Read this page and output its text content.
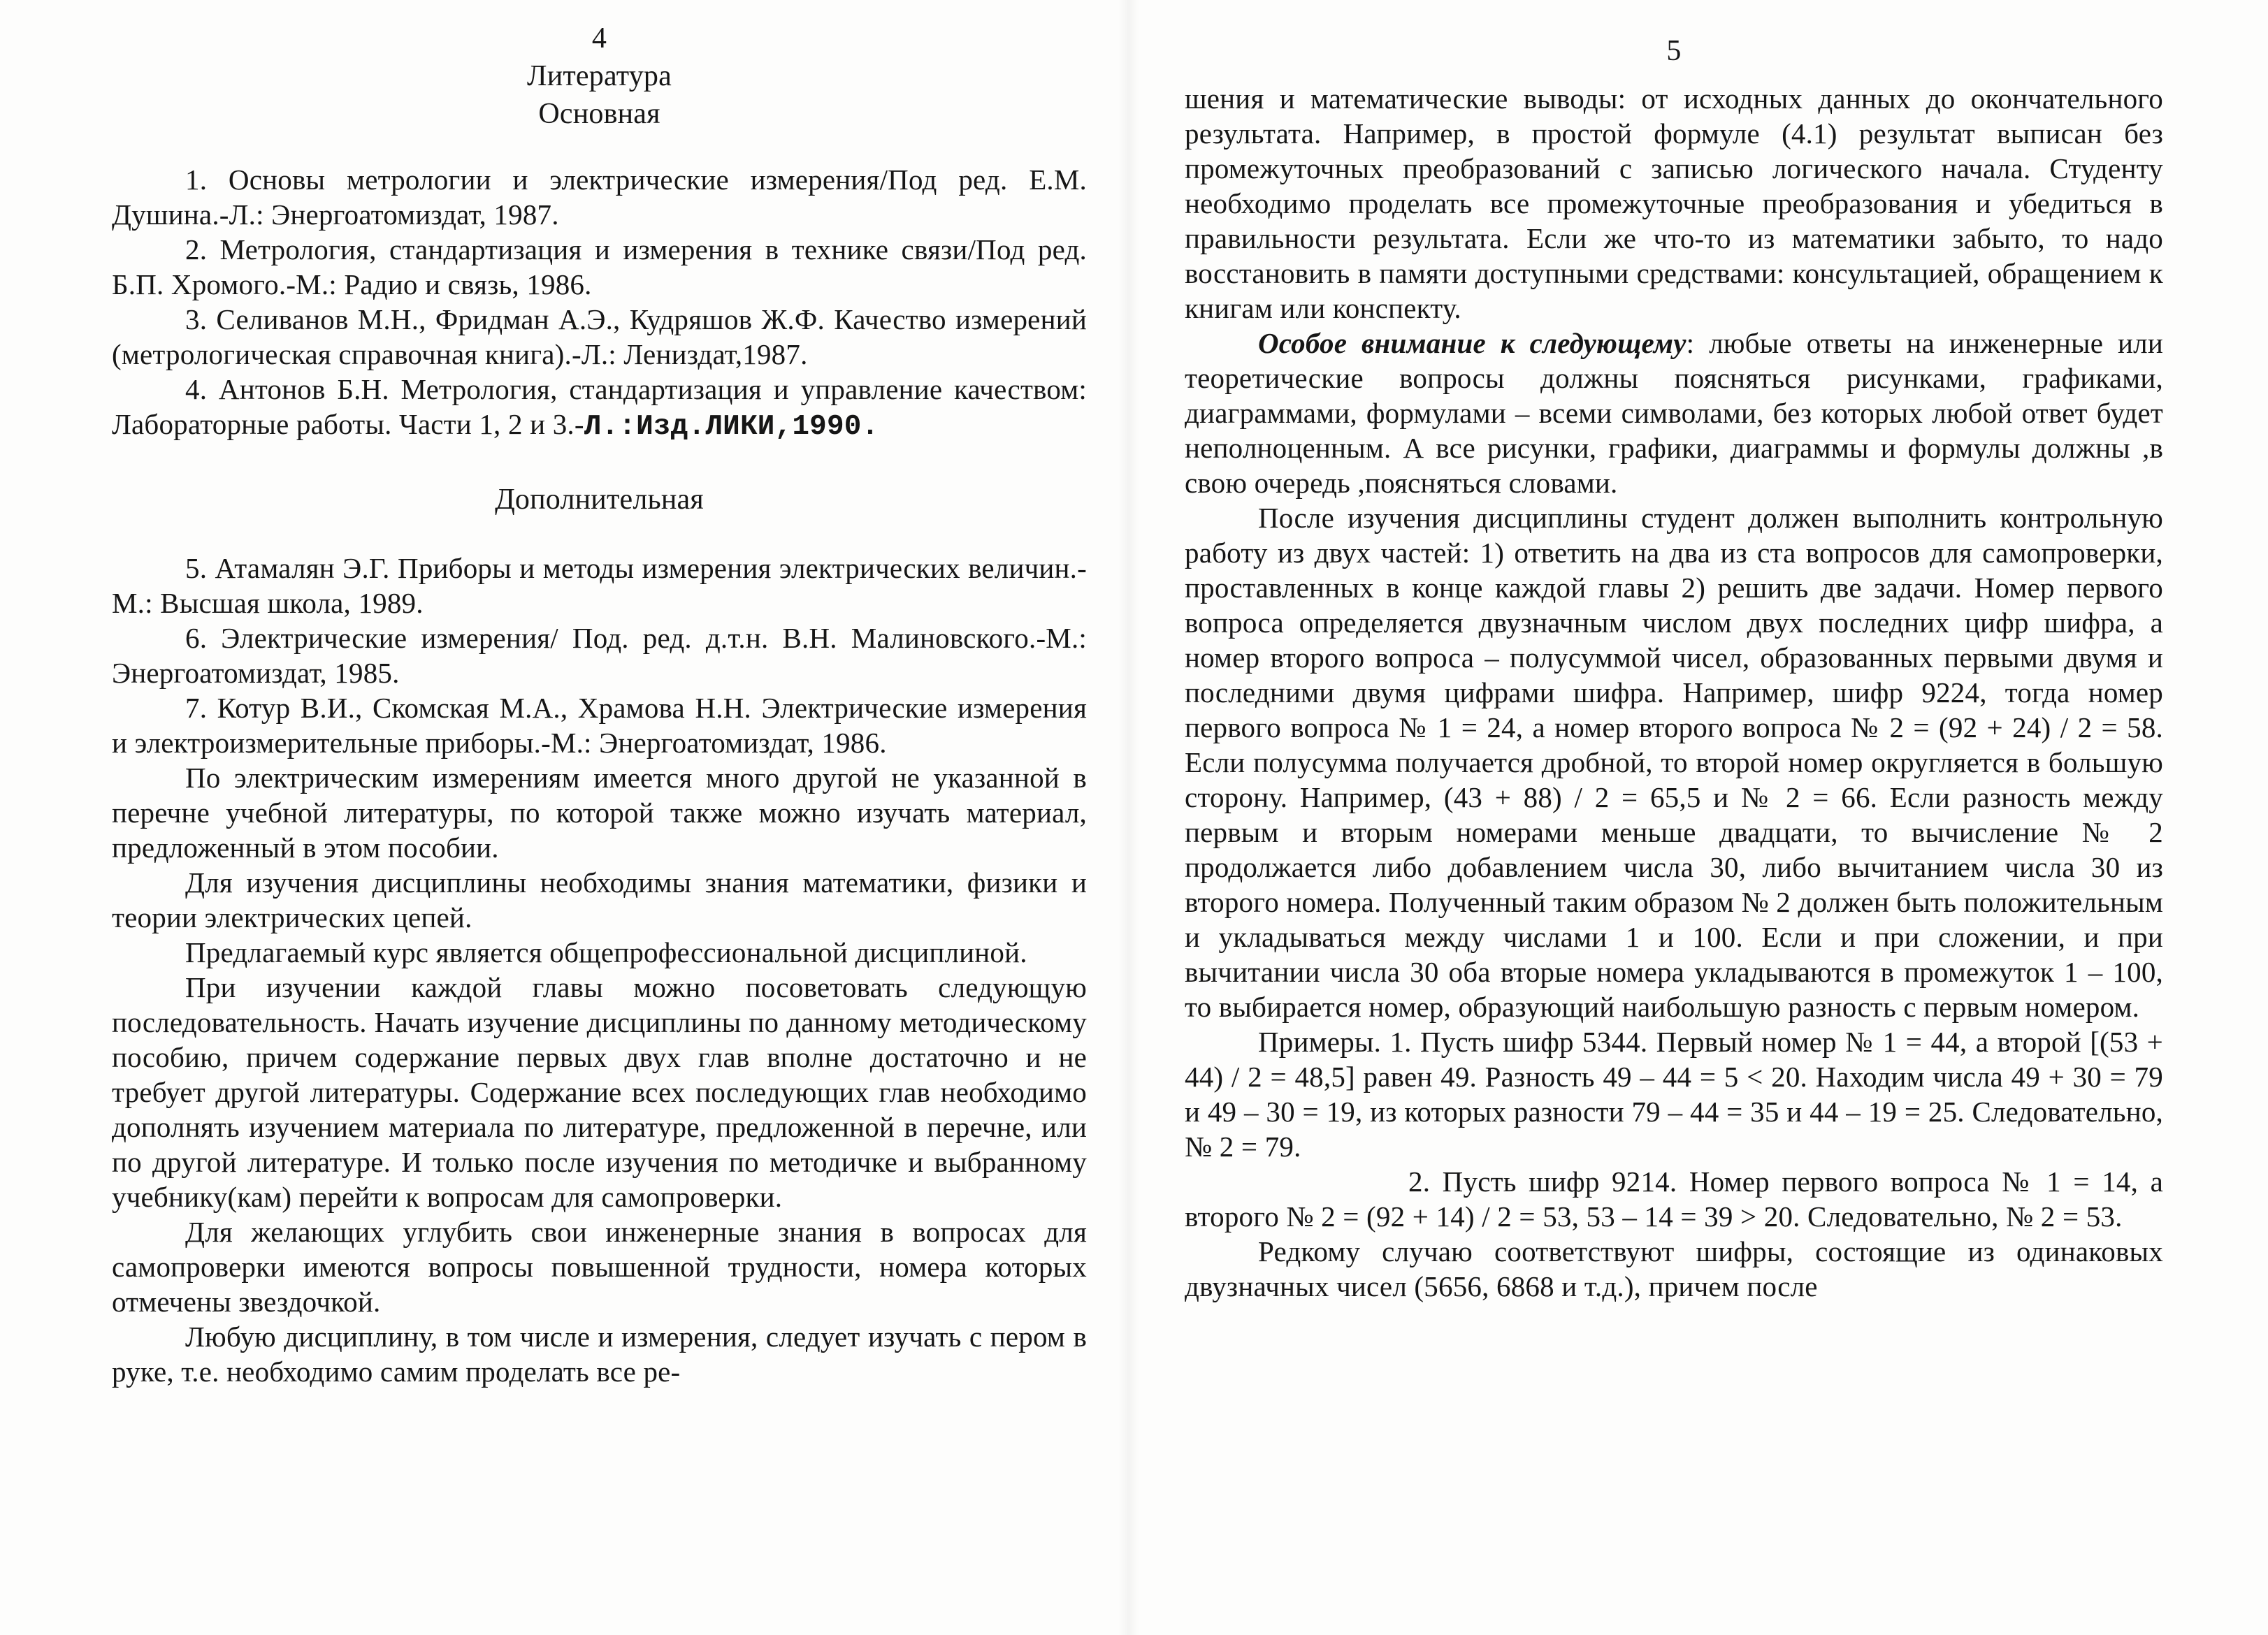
4
Литература
Основная
1. Основы метрологии и электрические измерения/Под ред. Е.М. Душина.-Л.: Энергоатомиздат, 1987.
2. Метрология, стандартизация и измерения в технике связи/Под ред. Б.П. Хромого.-М.: Радио и связь, 1986.
3. Селиванов М.Н., Фридман А.Э., Кудряшов Ж.Ф. Качество измерений (метрологическая справочная книга).-Л.: Лениздат,1987.
4. Антонов Б.Н. Метрология, стандартизация и управление качеством: Лабораторные работы. Части 1, 2 и 3.-Л.:Изд.ЛИКИ,1990.
Дополнительная
5. Атамалян Э.Г. Приборы и методы измерения электрических величин.-М.: Высшая школа, 1989.
6. Электрические измерения/ Под. ред. д.т.н. В.Н. Малиновского.-М.: Энергоатомиздат, 1985.
7. Котур В.И., Скомская М.А., Храмова Н.Н. Электрические измерения и электроизмерительные приборы.-М.: Энергоатомиздат, 1986.

По электрическим измерениям имеется много другой не указанной в перечне учебной литературы, по которой также можно изучать материал, предложенный в этом пособии.

Для изучения дисциплины необходимы знания математики, физики и теории электрических цепей.

Предлагаемый курс является общепрофессиональной дисциплиной.

При изучении каждой главы можно посоветовать следующую последовательность. Начать изучение дисциплины по данному методическому пособию, причем содержание первых двух глав вполне достаточно и не требует другой литературы. Содержание всех последующих глав необходимо дополнять изучением материала по литературе, предложенной в перечне, или по другой литературе. И только после изучения по методичке и выбранному учебнику(кам) перейти к вопросам для самопроверки.

Для желающих углубить свои инженерные знания в вопросах для самопроверки имеются вопросы повышенной трудности, номера которых отмечены звездочкой.

Любую дисциплину, в том числе и измерения, следует изучать с пером в руке, т.е. необходимо самим проделать все ре-

5

шения и математические выводы: от исходных данных до окончательного результата. Например, в простой формуле (4.1) результат выписан без промежуточных преобразований с записью логического начала. Студенту необходимо проделать все промежуточные преобразования и убедиться в правильности результата. Если же что-то из математики забыто, то надо восстановить в памяти доступными средствами: консультацией, обращением к книгам или конспекту.

Особое внимание к следующему: любые ответы на инженерные или теоретические вопросы должны поясняться рисунками, графиками, диаграммами, формулами – всеми символами, без которых любой ответ будет неполноценным. А все рисунки, графики, диаграммы и формулы должны ,в свою очередь ,поясняться словами.

После изучения дисциплины студент должен выполнить контрольную работу из двух частей: 1) ответить на два из ста вопросов для самопроверки, проставленных в конце каждой главы 2) решить две задачи. Номер первого вопроса определяется двузначным числом двух последних цифр шифра, а номер второго вопроса – полусуммой чисел, образованных первыми двумя и последними двумя цифрами шифра. Например, шифр 9224, тогда номер первого вопроса № 1 = 24, а номер второго вопроса № 2 = (92 + 24) / 2 = 58. Если полусумма получается дробной, то второй номер округляется в большую сторону. Например, (43 + 88) / 2 = 65,5 и № 2 = 66. Если разность между первым и вторым номерами меньше двадцати, то вычисление № 2 продолжается либо добавлением числа 30, либо вычитанием числа 30 из второго номера. Полученный таким образом № 2 должен быть положительным и укладываться между числами 1 и 100. Если и при сложении, и при вычитании числа 30 оба вторые номера укладываются в промежуток 1 – 100, то выбирается номер, образующий наибольшую разность с первым номером.

Примеры. 1. Пусть шифр 5344. Первый номер № 1 = 44, а второй [(53 + 44) / 2 = 48,5] равен 49. Разность 49 – 44 = 5 < 20. Находим числа 49 + 30 = 79 и 49 – 30 = 19, из которых разности 79 – 44 = 35 и 44 – 19 = 25. Следовательно, № 2 = 79.

2. Пусть шифр 9214. Номер первого вопроса № 1 = 14, а второго № 2 = (92 + 14) / 2 = 53, 53 – 14 = 39 > 20. Следовательно, № 2 = 53.

Редкому случаю соответствуют шифры, состоящие из одинаковых двузначных чисел (5656, 6868 и т.д.), причем после
